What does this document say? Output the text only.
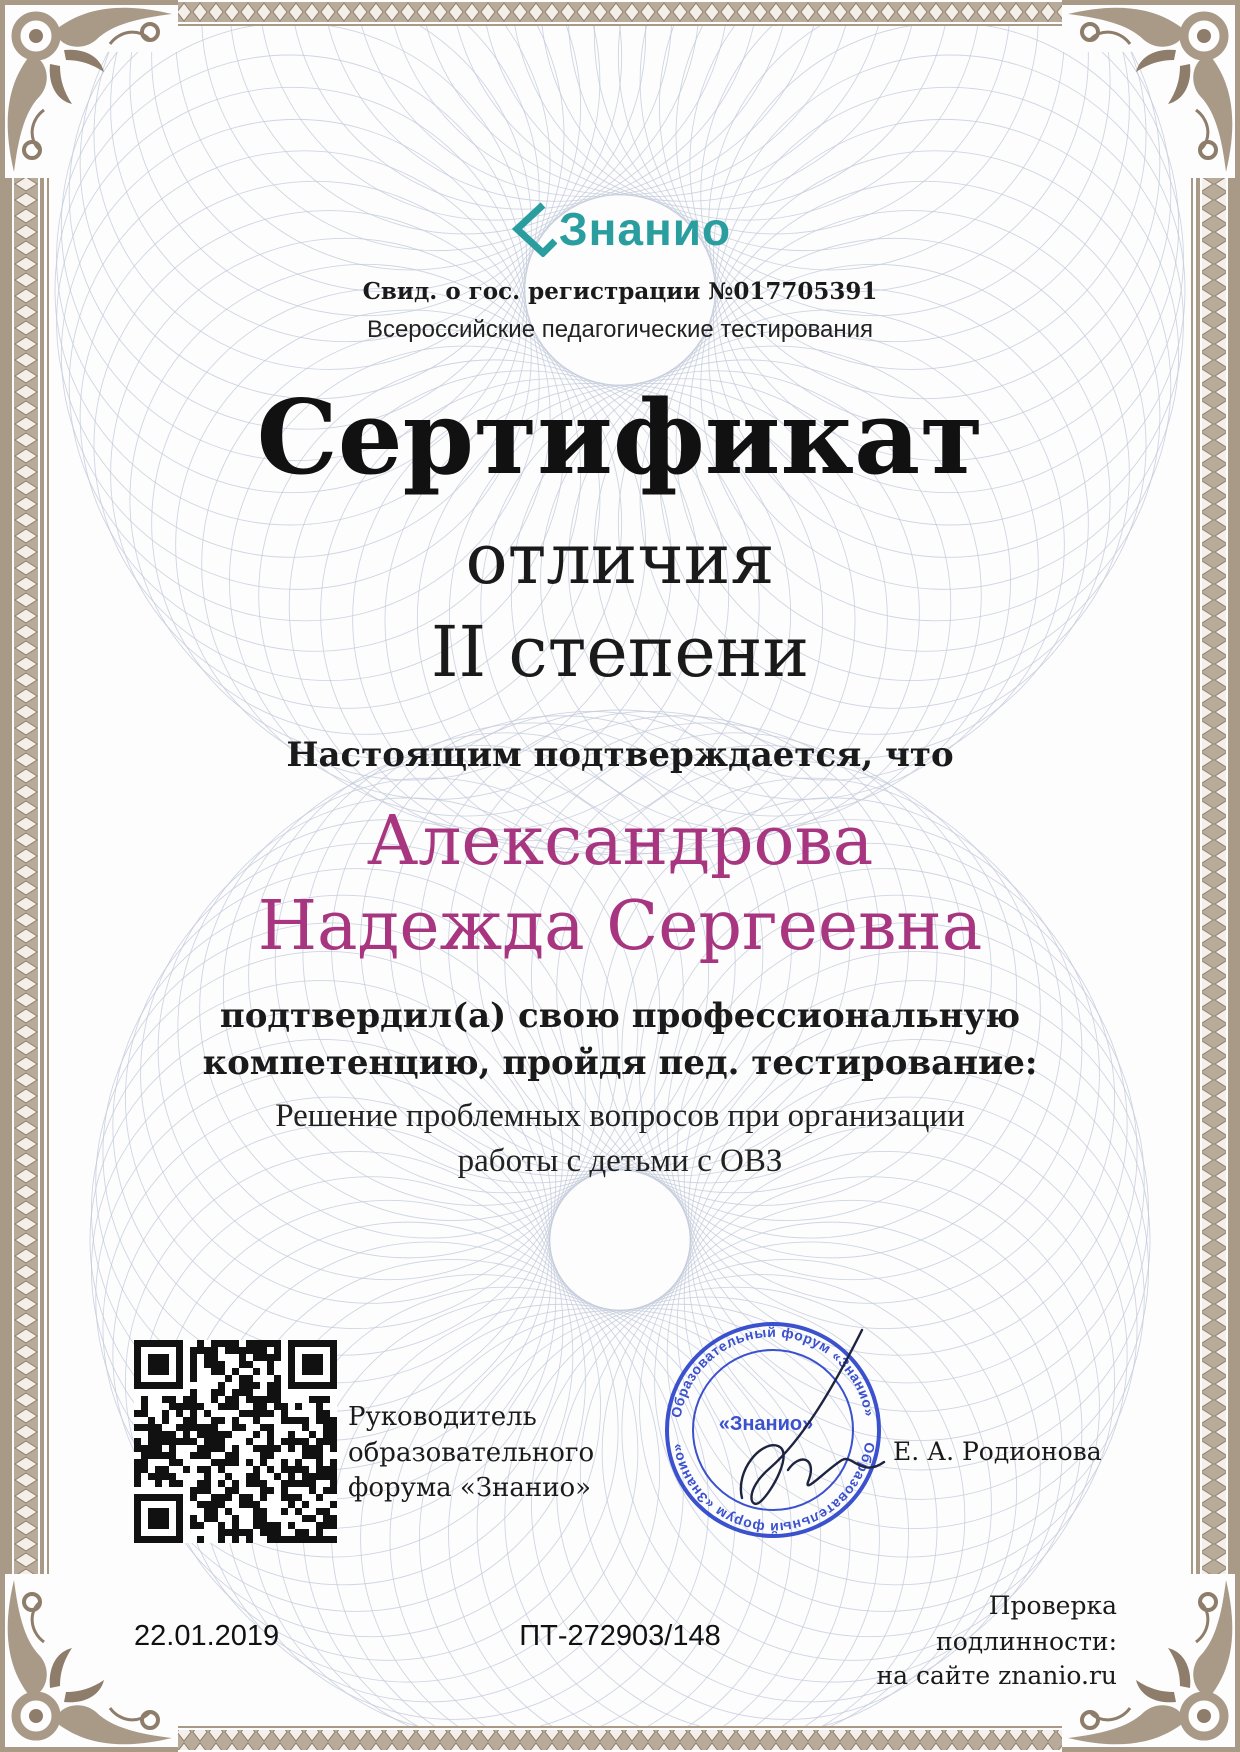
Образовательный форум «Знанио»
Образовательный форум «Знанио»
«Знанио»
Знанио
Свид. о гос. регистрации №017705391
Всероссийские педагогические тестирования
Сертификат
отличия
II степени
Настоящим подтверждается, что
Александрова
Надежда Сергеевна
подтвердил(а) свою профессиональную
компетенцию, пройдя пед. тестирование:
Решение проблемных вопросов при организации
работы с детьми с ОВЗ
Руководитель
образовательного
форума «Знанио»
Е. А. Родионова
22.01.2019	ПТ-272903/148
Проверка
подлинности:
на сайте znanio.ru
